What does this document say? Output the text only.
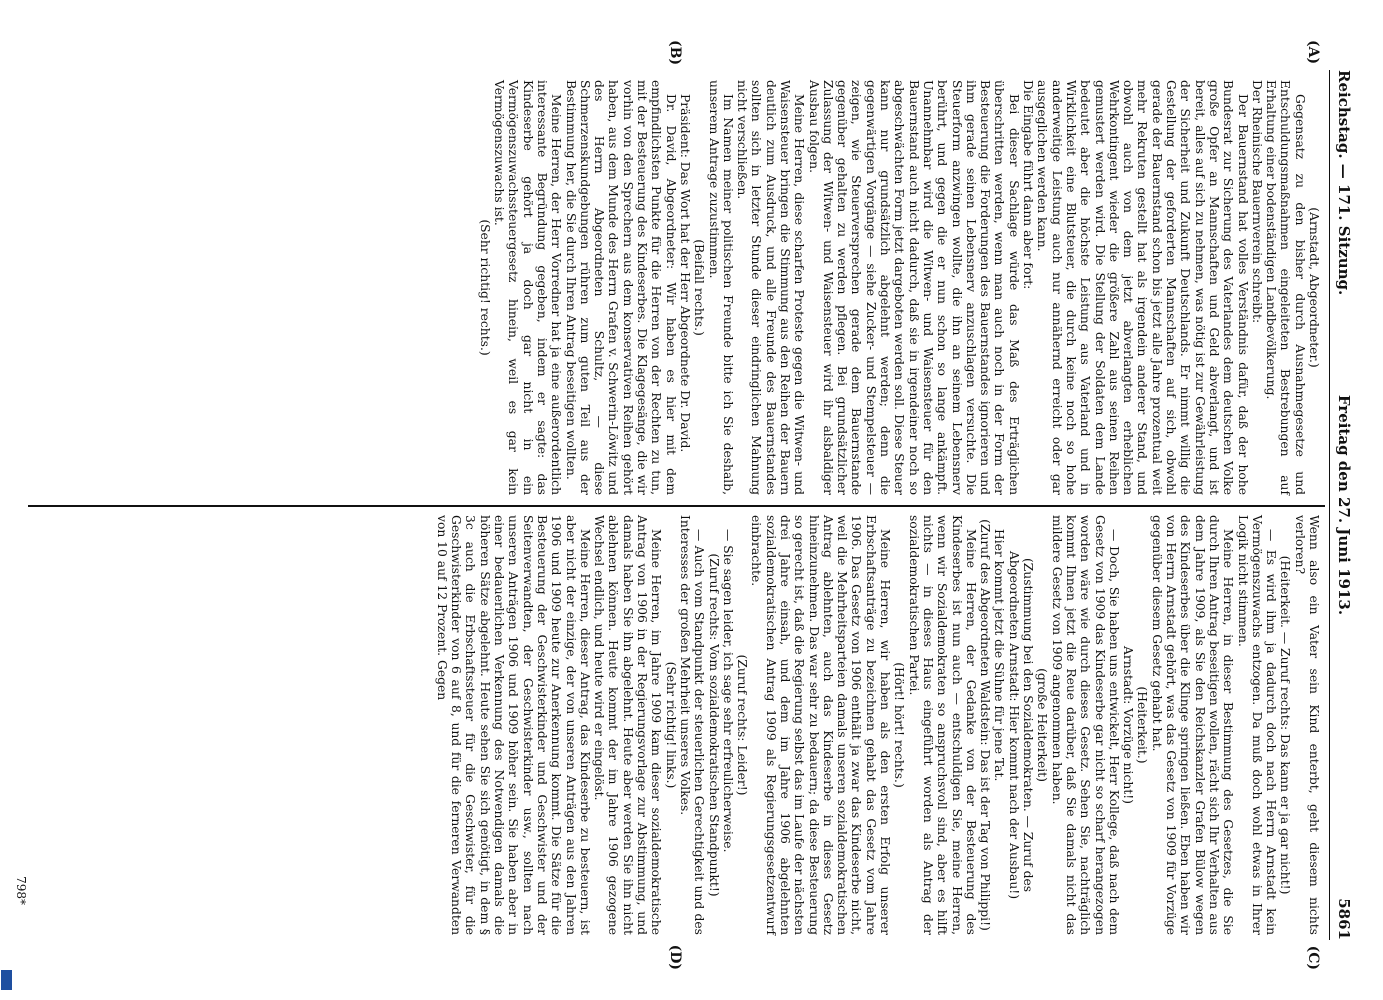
Reichstag. — 171. Sitzung.
Freitag den 27. Juni 1913.
5861
(A)
(B)
(C)
(D)

(Arnstadt, Abgeordneter.)

Gegensatz zu den bisher durch Ausnahmegesetze und Entschuldungsmaßnahmen eingeleiteten Bestrebungen auf Erhaltung einer bodenständigen Landbevölkerung.

Der Rheinische Bauernverein schreibt:

Der Bauernstand hat volles Verständnis dafür, daß der hohe Bundesrat zur Sicherung des Vaterlandes dem deutschen Volke große Opfer an Mannschaften und Geld abverlangt, und ist bereit, alles auf sich zu nehmen, was nötig ist zur Gewährleistung der Sicherheit und Zukunft Deutschlands. Er nimmt willig die Gestellung der geforderten Mannschaften auf sich, obwohl gerade der Bauernstand schon bis jetzt alle Jahre prozentual weit mehr Rekruten gestellt hat als irgendein anderer Stand, und obwohl auch von dem jetzt abverlangten erheblichen Wehrkontingent wieder die größere Zahl aus seinen Reihen gemustert werden wird. Die Stellung der Soldaten dem Lande bedeutet aber die höchste Leistung aus Vaterland und in Wirklichkeit eine Blutsteuer, die durch keine noch so hohe anderweitige Leistung auch nur annähernd erreicht oder gar ausgeglichen werden kann.

Die Eingabe führt dann aber fort:

Bei dieser Sachlage würde das Maß des Erträglichen überschritten werden, wenn man auch noch in der Form der Besteuerung die Forderungen des Bauernstandes ignorieren und ihm gerade seinen Lebensnerv anzuschlagen versuchte. Die Steuerform anzwingen wollte, die ihn an seinem Lebensnerv berührt, und gegen die er nun schon so lange ankämpft. Unannehmbar wird die Witwen- und Waisensteuer für den Bauernstand auch nicht dadurch, daß sie in irgendeiner noch so abgeschwächten Form jetzt dargeboten werden soll. Diese Steuer kann nur grundsätzlich abgelehnt werden; denn die gegenwärtigen Vorgänge — siehe Zucker- und Stempelsteuer — zeigen, wie Steuerversprechen gerade dem Bauernstande gegenüber gehalten zu werden pflegen. Bei grundsätzlicher Zulassung der Witwen- und Waisensteuer wird ihr alsbaldiger Ausbau folgen.

Meine Herren, diese scharfen Proteste gegen die Witwen- und Waisensteuer bringen die Stimmung aus den Reihen der Bauern deutlich zum Ausdruck, und alle Freunde des Bauernstandes sollten sich in letzter Stunde dieser eindringlichen Mahnung nicht verschließen.

Im Namen meiner politischen Freunde bitte ich Sie deshalb, unserem Antrage zuzustimmen.

(Beifall rechts.)

Präsident: Das Wort hat der Herr Abgeordnete Dr. David.

Dr. David, Abgeordneter: Wir haben es hier mit dem empfindlichsten Punkte für die Herren von der Rechten zu tun, mit der Besteuerung des Kindeserbes. Die Klagegesänge, die wir vorhin von den Sprechern aus dem konservativen Reihen gehört haben, aus dem Munde des Herrn Grafen v. Schwerin-Löwitz und des Herrn Abgeordneten Schultz, — diese Schmerzenskundgebungen rühren zum guten Teil aus der Bestimmung her, die Sie durch Ihren Antrag beseitigen wollten.

Meine Herren, der Herr Vorredner hat ja eine außerordentlich interessante Begründung gegeben, indem er sagte: das Kindeserbe gehört ja doch gar nicht in ein Vermögenszuwachssteuergesetz hinein, weil es gar kein Vermögenszuwachs ist.

(Sehr richtig! rechts.)

Wenn also ein Vater sein Kind enterbt, geht diesem nichts verloren?

(Heiterkeit. — Zuruf rechts: Das kann er ja gar nicht!)

— Es wird ihm ja dadurch doch nach Herrn Arnstadt kein Vermögenszuwachs entzogen. Da muß doch wohl etwas in Ihrer Logik nicht stimmen.

Meine Herren, in dieser Bestimmung des Gesetzes, die Sie durch Ihren Antrag beseitigen wollen, rächt sich Ihr Verhalten aus dem Jahre 1909, als Sie den Reichskanzler Grafen Bülow wegen des Kindeserbes über die Klinge springen ließen. Eben haben wir von Herrn Arnstadt gehört, was das Gesetz von 1909 für Vorzüge gegenüber diesem Gesetz gehabt hat.

(Heiterkeit.)

Arnstadt: Vorzüge nicht!)

— Doch, Sie haben uns entwickelt, Herr Kollege, daß nach dem Gesetz von 1909 das Kindeserbe gar nicht so scharf herangezogen worden wäre wie durch dieses Gesetz. Sehen Sie, nachträglich kommt Ihnen jetzt die Reue darüber, daß Sie damals nicht das mildere Gesetz von 1909 angenommen haben.

(große Heiterkeit)

(Zustimmung bei den Sozialdemokraten. — Zuruf des Abgeordneten Arnstadt: Hier kommt nach der Ausbau!)

Hier kommt jetzt die Sühne für jene Tat.

(Zuruf des Abgeordneten Waldstein: Das ist der Tag von Philippi!)

Meine Herren, der Gedanke von der Besteuerung des Kindeserbes ist nun auch — entschuldigen Sie, meine Herren, wenn wir Sozialdemokraten so anspruchsvoll sind, aber es hilft nichts — in dieses Haus eingeführt worden als Antrag der sozialdemokratischen Partei.

(Hört! hört! rechts.)

Meine Herren, wir haben als den ersten Erfolg unserer Erbschaftsanträge zu bezeichnen gehabt das Gesetz vom Jahre 1906. Das Gesetz von 1906 enthält ja zwar das Kindeserbe nicht, weil die Mehrheitsparteien damals unseren sozialdemokratischen Antrag ablehnten, auch das Kindeserbe in dieses Gesetz hineinzunehmen. Das war sehr zu bedauern; da diese Besteuerung so gerecht ist, daß die Regierung selbst das im Laufe der nächsten drei Jahre einsah, und dem im Jahre 1906 abgelehnten sozialdemokratischen Antrag 1909 als Regierungsgesetzentwurf einbrachte.

(Zuruf rechts: Leider!)

— Sie sagen leider, ich sage sehr erfreulicherweise.

(Zuruf rechts: Vom sozialdemokratischen Standpunkt!)

— Auch vom Standpunkt der steuerlichen Gerechtigkeit und des Interesses der großen Mehrheit unseres Volkes.

(Sehr richtig! links.)

Meine Herren, im Jahre 1909 kam dieser sozialdemokratische Antrag von 1906 in der Regierungsvorlage zur Abstimmung, und damals haben Sie ihn abgelehnt. Heute aber werden Sie ihn nicht ablehnen können. Heute kommt der im Jahre 1906 gezogene Wechsel endlich, und heute wird er eingelöst.

Meine Herren, dieser Antrag, das Kindeserbe zu besteuern, ist aber nicht der einzige, der von unseren Anträgen aus den Jahren 1906 und 1909 heute zur Anerkennung kommt. Die Sätze für die Besteuerung der Geschwisterkinder und Geschwister und der Seitenverwandten, der Geschwisterkinder usw., sollten nach unseren Anträgen 1906 und 1909 höher sein. Sie haben aber in einer bedauerlichen Verkennung des Notwendigen damals die höheren Sätze abgelehnt. Heute sehen Sie sich genötigt, in dem § 3c auch die Erbschaftssteuer für die Geschwister, für die Geschwisterkinder von 6 auf 8, und für die ferneren Verwandten von 10 auf 12 Prozent. Gegen

798*
